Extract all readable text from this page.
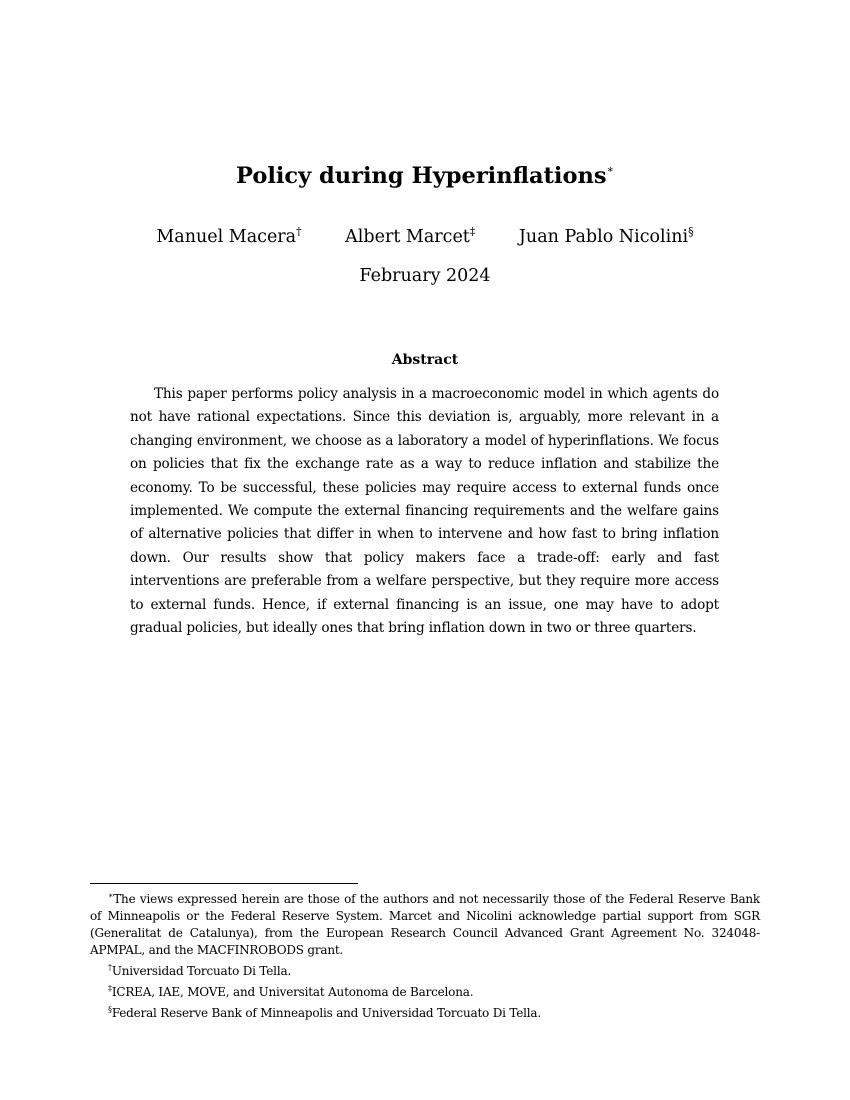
Policy during Hyperinflations∗
Manuel Macera† Albert Marcet‡ Juan Pablo Nicolini§
February 2024
Abstract

This paper performs policy analysis in a macroeconomic model in which agents do not have rational expectations. Since this deviation is, arguably, more relevant in a changing environment, we choose as a laboratory a model of hyperinflations. We focus on policies that fix the exchange rate as a way to reduce inflation and stabilize the economy. To be successful, these policies may require access to external funds once implemented. We compute the external financing requirements and the welfare gains of alternative policies that differ in when to intervene and how fast to bring inflation down. Our results show that policy makers face a trade-off: early and fast interventions are preferable from a welfare perspective, but they require more access to external funds. Hence, if external financing is an issue, one may have to adopt gradual policies, but ideally ones that bring inflation down in two or three quarters.

∗The views expressed herein are those of the authors and not necessarily those of the Federal Reserve Bank of Minneapolis or the Federal Reserve System. Marcet and Nicolini acknowledge partial support from SGR (Generalitat de Catalunya), from the European Research Council Advanced Grant Agreement No. 324048-APMPAL, and the MACFINROBODS grant.

†Universidad Torcuato Di Tella.

‡ICREA, IAE, MOVE, and Universitat Autonoma de Barcelona.

§Federal Reserve Bank of Minneapolis and Universidad Torcuato Di Tella.
